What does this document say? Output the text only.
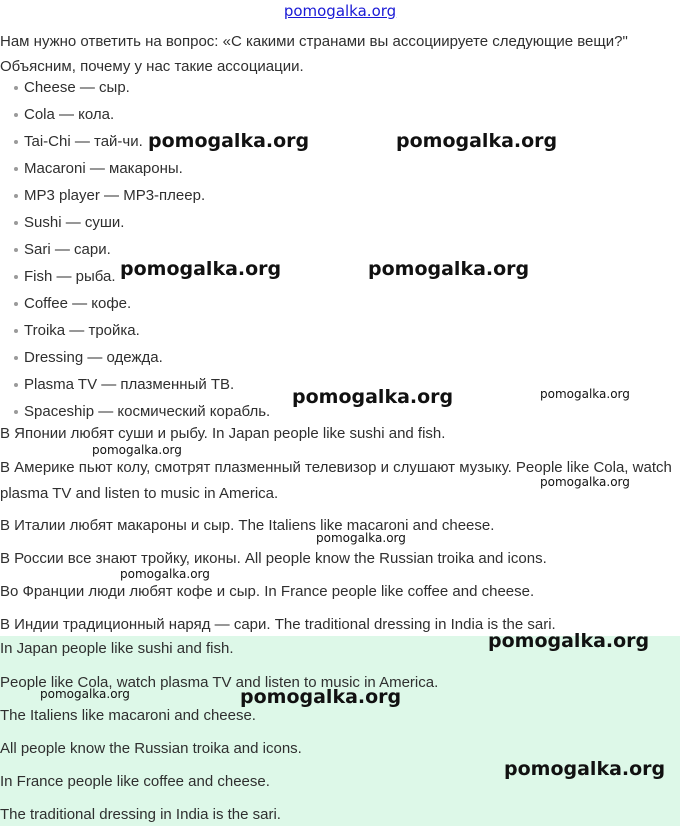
pomogalka.org

Нам нужно ответить на вопрос: «С какими странами вы ассоциируете следующие вещи?" Объясним, почему у нас такие ассоциации.

Cheese — сыр.
Cola — кола.
Tai-Chi — тай-чи.
Macaroni — макароны.
MP3 player — MP3-плеер.
Sushi — суши.
Sari — сари.
Fish — рыба.
Coffee — кофе.
Troika — тройка.
Dressing — одежда.
Plasma TV — плазменный ТВ.
Spaceship — космический корабль.

В Японии любят суши и рыбу. In Japan people like sushi and fish.

В Америке пьют колу, смотрят плазменный телевизор и слушают музыку. People like Cola, watch plasma TV and listen to music in America.

В Италии любят макароны и сыр. The Italiens like macaroni and cheese.

В России все знают тройку, иконы. All people know the Russian troika and icons.

Во Франции люди любят кофе и сыр. In France people like coffee and cheese.

В Индии традиционный наряд — сари. The traditional dressing in India is the sari.

In Japan people like sushi and fish.

People like Cola, watch plasma TV and listen to music in America.

The Italiens like macaroni and cheese.

All people know the Russian troika and icons.

In France people like coffee and cheese.

The traditional dressing in India is the sari.

pomogalka.org	pomogalka.org
pomogalka.org	pomogalka.org
pomogalka.org	pomogalka.org
pomogalka.org
pomogalka.org
pomogalka.org
pomogalka.org
pomogalka.org
pomogalka.org	pomogalka.org
pomogalka.org
